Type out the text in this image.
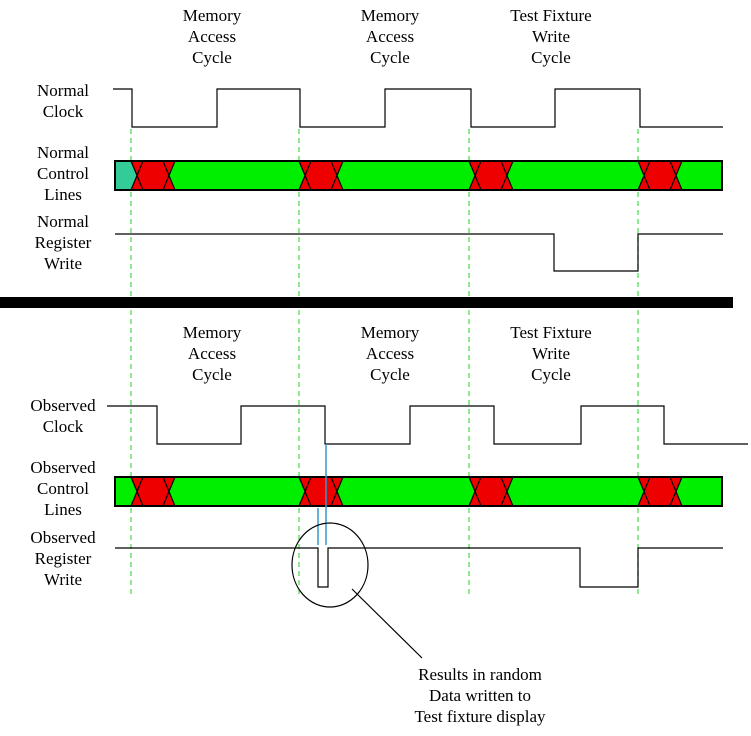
Memory
Access
Cycle
Memory
Access
Cycle
Test Fixture
Write
Cycle
Memory
Access
Cycle
Memory
Access
Cycle
Test Fixture
Write
Cycle
Normal
Clock
Normal
Control
Lines
Normal
Register
Write
Observed
Clock
Observed
Control
Lines
Observed
Register
Write
Results in random
Data written to
Test fixture display
